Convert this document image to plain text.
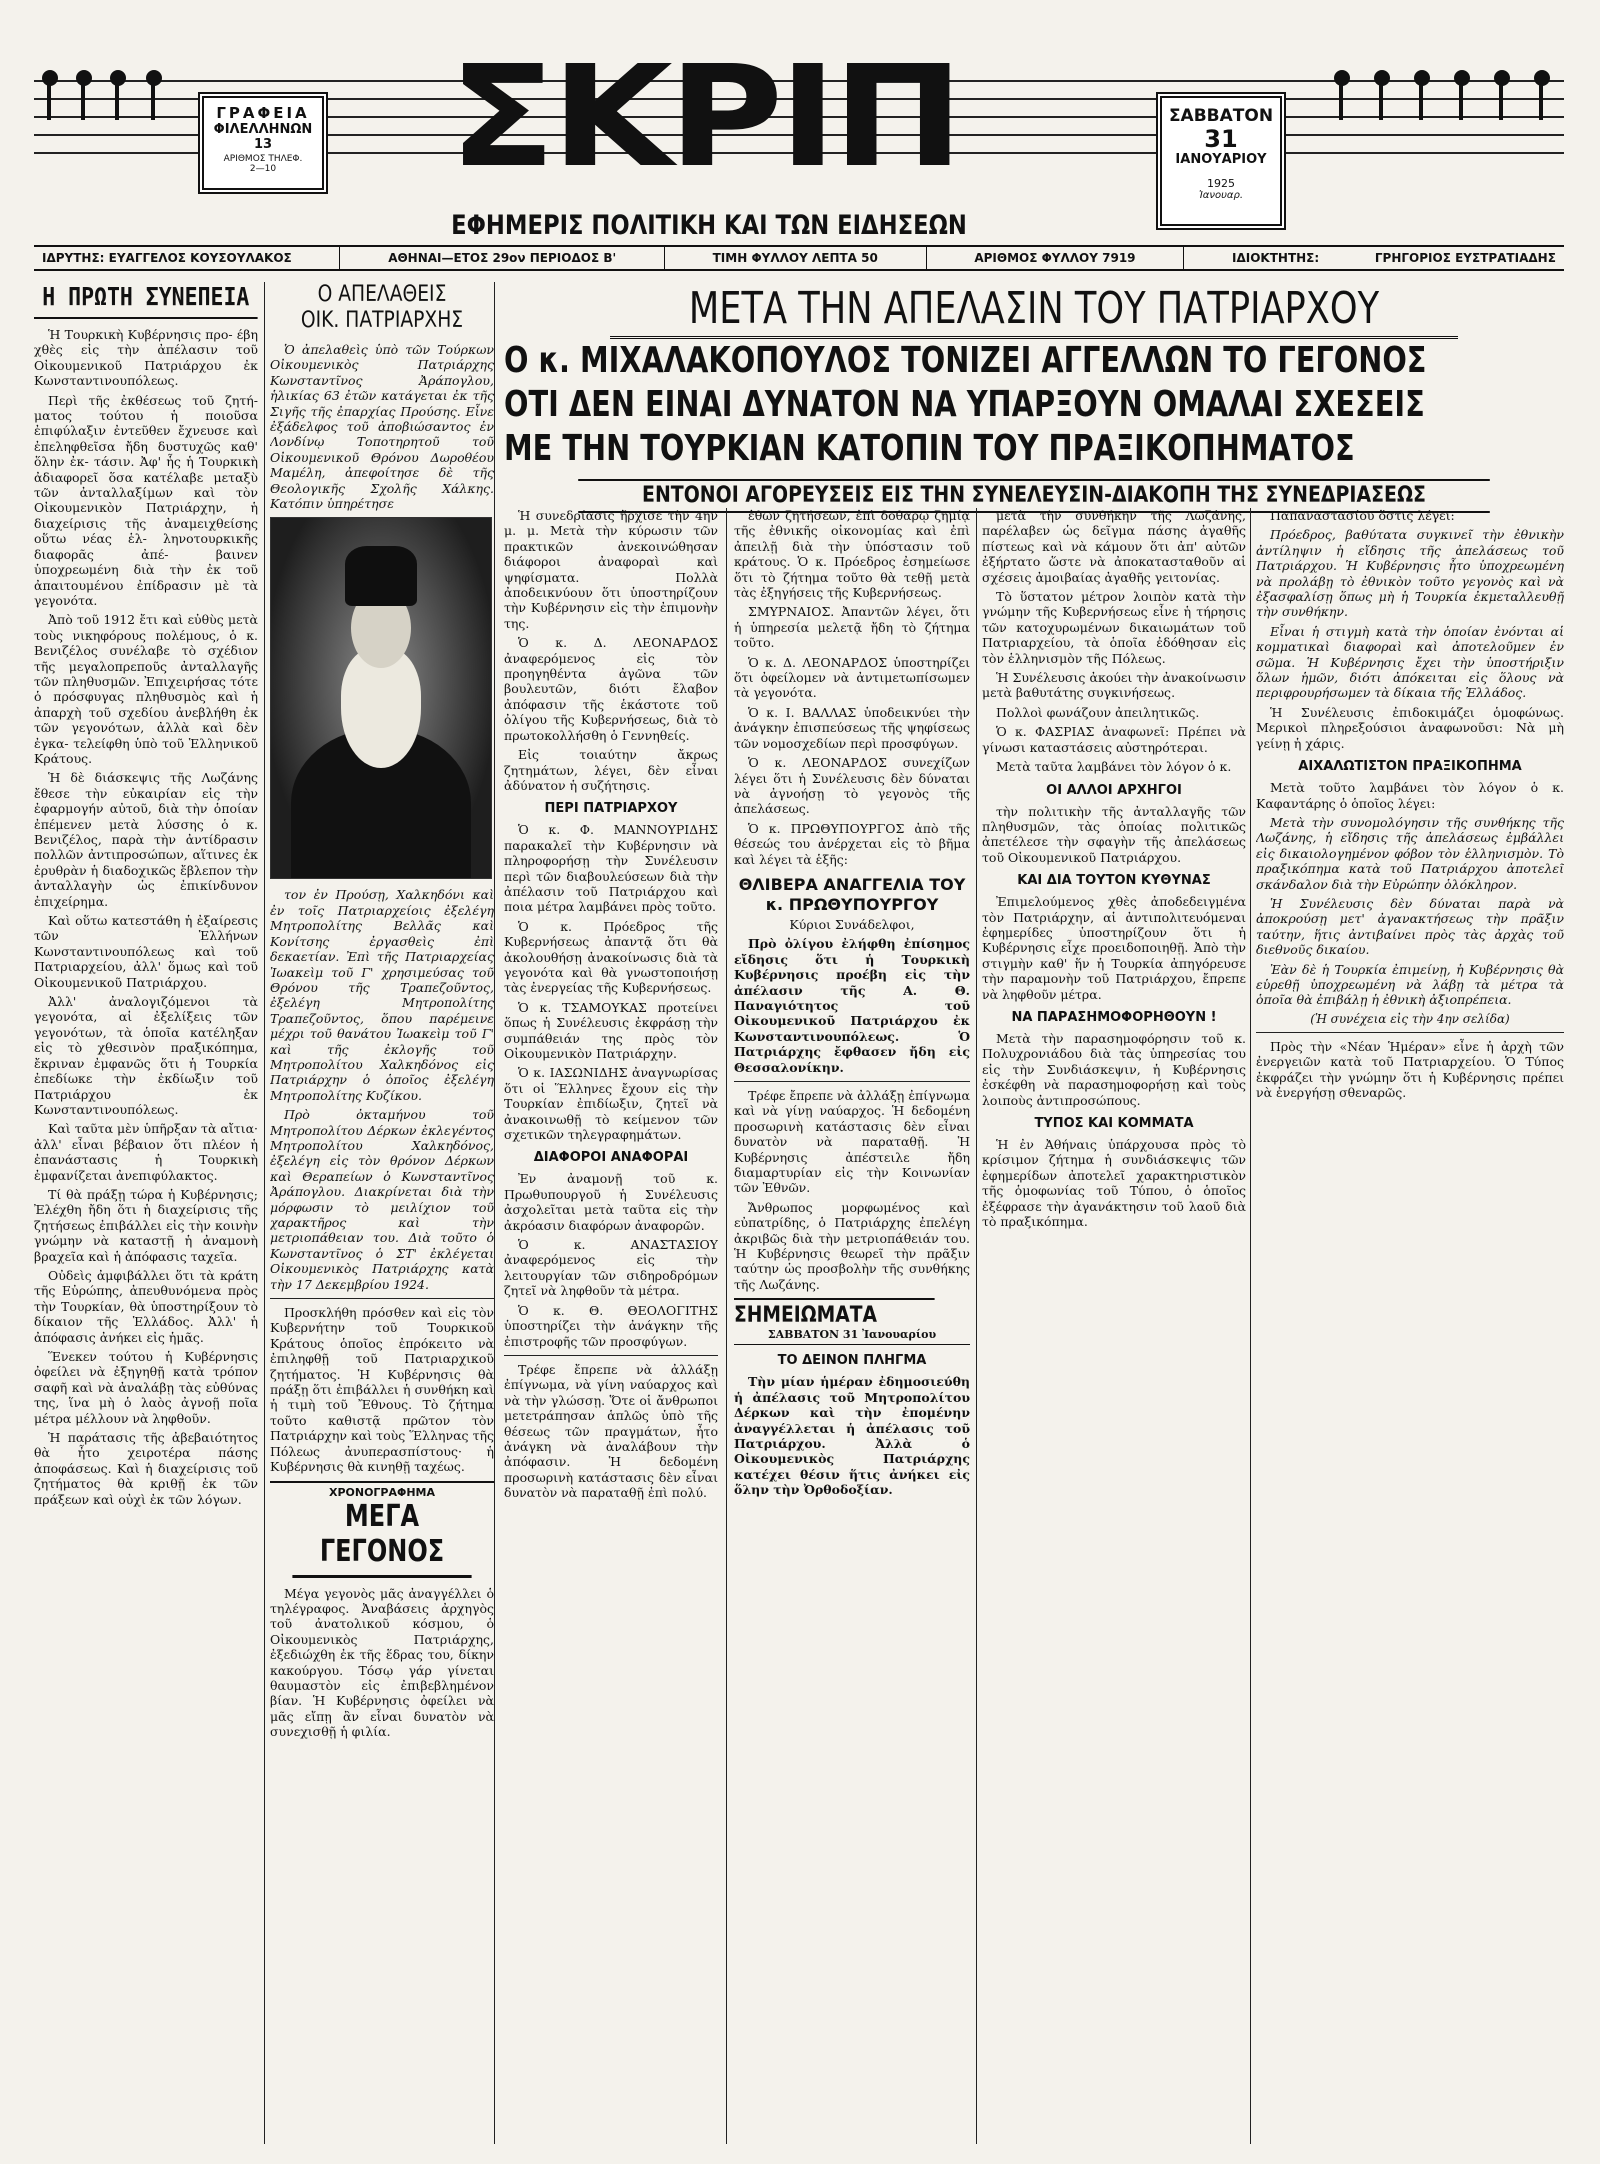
ΓΡΑΦΕΙΑ
ΦΙΛΕΛΛΗΝΩΝ 13
ΑΡΙΘΜΟΣ ΤΗΛΕΦ.
2—10	ΣΚΡΙΠ	ΣΑΒΒΑΤΟΝ
31
ΙΑΝΟΥΑΡΙΟΥ
1925
Ἰανουαρ.
ΕΦΗΜΕΡΙΣ ΠΟΛΙΤΙΚΗ ΚΑΙ ΤΩΝ ΕΙΔΗΣΕΩΝ
ΙΔΡΥΤΗΣ: ΕΥΑΓΓΕΛΟΣ ΚΟΥΣΟΥΛΑΚΟΣ	ΑΘΗΝΑΙ—ΕΤΟΣ 29ον ΠΕΡΙΟΔΟΣ Β'	ΤΙΜΗ ΦΥΛΛΟΥ ΛΕΠΤΑ 50	ΑΡΙΘΜΟΣ ΦΥΛΛΟΥ 7919	ΙΔΙΟΚΤΗΤΗΣ:	ΓΡΗΓΟΡΙΟΣ ΕΥΣΤΡΑΤΙΑΔΗΣ
Η ΠΡΩΤΗ ΣΥΝΕΠΕΙΑ

Ἡ Τουρκικὴ Κυβέρνησις προ- έβη χθὲς εἰς τὴν ἀπέλασιν τοῦ Οἰκουμενικοῦ Πατριάρχου ἐκ Κωνσταντινουπόλεως.

Περὶ τῆς ἐκθέσεως τοῦ ζητή- ματος τούτου ἡ ποιοῦσα ἐπιφύλαξιν ἐντεῦθεν ἔχνευσε καὶ ἐπεληφθεῖσα ἤδη δυστυχῶς καθ' ὅλην ἐκ- τάσιν. Ἀφ' ἧς ἡ Τουρκικὴ ἀδιαφορεῖ ὅσα κατέλαβε μεταξὺ τῶν ἀνταλλαξίμων καὶ τὸν Οἰκουμενικὸν Πατριάρχην, ἡ διαχείρισις τῆς ἀναμειχθείσης οὕτω νέας ἑλ- ληνοτουρκικῆς διαφορᾶς ἀπέ- βαινεν ὑποχρεωμένη διὰ τὴν ἐκ τοῦ ἀπαιτουμένου ἐπίδρασιν μὲ τὰ γεγονότα.

Ἀπὸ τοῦ 1912 ἔτι καὶ εὐθὺς μετὰ τοὺς νικηφόρους πολέμους, ὁ κ. Βενιζέλος συνέλαβε τὸ σχέδιον τῆς μεγαλοπρεποῦς ἀνταλλαγῆς τῶν πληθυσμῶν. Ἐπιχειρήσας τότε ὁ πρόσφυγας πληθυσμὸς καὶ ἡ ἀπαρχὴ τοῦ σχεδίου ἀνεβλήθη ἐκ τῶν γεγονότων, ἀλλὰ καὶ δὲν ἐγκα- τελείφθη ὑπὸ τοῦ Ἑλληνικοῦ Κράτους.

Ἡ δὲ διάσκεψις τῆς Λωζάνης ἔθεσε τὴν εὐκαιρίαν εἰς τὴν ἐφαρμογήν αὐτοῦ, διὰ τὴν ὁποίαν ἐπέμενεν μετὰ λύσσης ὁ κ. Βενιζέλος, παρὰ τὴν ἀντίδρασιν πολλῶν ἀντιπροσώπων, αἵτινες ἐκ ἐρυθρὰν ἡ διαδοχικῶς ἔβλεπον τὴν ἀνταλλαγὴν ὡς ἐπικίνδυνον ἐπιχείρημα.

Καὶ οὕτω κατεστάθη ἡ ἐξαίρεσις τῶν Ἑλλήνων Κωνσταντινουπόλεως καὶ τοῦ Πατριαρχείου, ἀλλ' ὅμως καὶ τοῦ Οἰκουμενικοῦ Πατριάρχου.

Ἀλλ' ἀναλογιζόμενοι τὰ γεγονότα, αἱ ἐξελίξεις τῶν γεγονότων, τὰ ὁποῖα κατέληξαν εἰς τὸ χθεσινὸν πραξικόπημα, ἔκριναν ἐμφανῶς ὅτι ἡ Τουρκία ἐπεδίωκε τὴν ἐκδίωξιν τοῦ Πατριάρχου ἐκ Κωνσταντινουπόλεως.

Καὶ ταῦτα μὲν ὑπῆρξαν τὰ αἴτια· ἀλλ' εἶναι βέβαιον ὅτι πλέον ἡ ἐπανάστασις ἡ Τουρκικὴ ἐμφανίζεται ἀνεπιφύλακτος.

Τί θὰ πράξῃ τώρα ἡ Κυβέρνησις; Ἐλέχθη ἤδη ὅτι ἡ διαχείρισις τῆς ζητήσεως ἐπιβάλλει εἰς τὴν κοινὴν γνώμην νὰ καταστῇ ἡ ἀναμονὴ βραχεῖα καὶ ἡ ἀπόφασις ταχεῖα.

Οὐδεὶς ἀμφιβάλλει ὅτι τὰ κράτη τῆς Εὐρώπης, ἀπευθυνόμενα πρὸς τὴν Τουρκίαν, θὰ ὑποστηρίξουν τὸ δίκαιον τῆς Ἑλλάδος. Ἀλλ' ἡ ἀπόφασις ἀνήκει εἰς ἡμᾶς.

Ἕνεκεν τούτου ἡ Κυβέρνησις ὀφείλει νὰ ἐξηγηθῇ κατὰ τρόπον σαφῆ καὶ νὰ ἀναλάβῃ τὰς εὐθύνας της, ἵνα μὴ ὁ λαὸς ἀγνοῇ ποῖα μέτρα μέλλουν νὰ ληφθοῦν.

Ἡ παράτασις τῆς ἀβεβαιότητος θὰ ἦτο χειροτέρα πάσης ἀποφάσεως. Καὶ ἡ διαχείρισις τοῦ ζητήματος θὰ κριθῇ ἐκ τῶν πράξεων καὶ οὐχὶ ἐκ τῶν λόγων.

Ο ΑΠΕΛΑΘΕΙΣ
ΟΙΚ. ΠΑΤΡΙΑΡΧΗΣ

Ὁ ἀπελαθεὶς ὑπὸ τῶν Τούρκων Οἰκουμενικὸς Πατριάρχης Κωνσταντῖνος Ἀράπογλου, ἡλικίας 63 ἐτῶν κατάγεται ἐκ τῆς Σιγῆς τῆς ἐπαρχίας Προύσης. Εἶνε ἐξάδελφος τοῦ ἀποβιώσαντος ἐν Λονδίνῳ Τοποτηρητοῦ τοῦ Οἰκουμενικοῦ Θρόνου Δωροθέου Μαμέλη, ἀπεφοίτησε δὲ τῆς Θεολογικῆς Σχολῆς Χάλκης. Κατόπιν ὑπηρέτησε

τον ἐν Προύσῃ, Χαλκηδόνι καὶ ἐν τοῖς Πατριαρχείοις ἐξελέγη Μητροπολίτης Βελλᾶς καὶ Κονίτσης ἐργασθεὶς ἐπὶ δεκαετίαν. Ἐπὶ τῆς Πατριαρχείας Ἰωακεὶμ τοῦ Γ' χρησιμεύσας τοῦ Θρόνου τῆς Τραπεζοῦντος, ἐξελέγη Μητροπολίτης Τραπεζοῦντος, ὅπου παρέμεινε μέχρι τοῦ θανάτου Ἰωακεὶμ τοῦ Γ' καὶ τῆς ἐκλογῆς τοῦ Μητροπολίτου Χαλκηδόνος εἰς Πατριάρχην ὁ ὁποῖος ἐξελέγη Μητροπολίτης Κυζίκου.

Πρὸ ὀκταμήνου τοῦ Μητροπολίτου Δέρκων ἐκλεγέντος Μητροπολίτου Χαλκηδόνος, ἐξελέγη εἰς τὸν θρόνον Δέρκων καὶ Θεραπείων ὁ Κωνσταντῖνος Ἀράπογλου. Διακρίνεται διὰ τὴν μόρφωσιν τὸ μειλίχιον τοῦ χαρακτῆρος καὶ τὴν μετριοπάθειαν του. Διὰ τοῦτο ὁ Κωνσταντῖνος ὁ ΣΤ' ἐκλέγεται Οἰκουμενικὸς Πατριάρχης κατὰ τὴν 17 Δεκεμβρίου 1924.

Προσκλήθη πρόσθεν καὶ εἰς τὸν Κυβερνήτην τοῦ Τουρκικοῦ Κράτους ὁποῖος ἐπρόκειτο νὰ ἐπιληφθῇ τοῦ Πατριαρχικοῦ ζητήματος. Ἡ Κυβέρνησις θὰ πράξῃ ὅτι ἐπιβάλλει ἡ συνθήκη καὶ ἡ τιμὴ τοῦ Ἔθνους. Τὸ ζήτημα τοῦτο καθιστᾷ πρῶτον τὸν Πατριάρχην καὶ τοὺς Ἕλληνας τῆς Πόλεως ἀνυπερασπίστους· ἡ Κυβέρνησις θὰ κινηθῇ ταχέως.

ΧΡΟΝΟΓΡΑΦΗΜΑ
ΜΕΓΑ ΓΕΓΟΝΟΣ

Μέγα γεγονὸς μᾶς ἀναγγέλλει ὁ τηλέγραφος. Ἀναβάσεις ἀρχηγὸς τοῦ ἀνατολικοῦ κόσμου, ὁ Οἰκουμενικὸς Πατριάρχης, ἐξεδιώχθη ἐκ τῆς ἕδρας του, δίκην κακούργου. Τόσῳ γάρ γίνεται θαυμαστὸν εἰς ἐπιβεβλημένον βίαν. Ἡ Κυβέρνησις ὀφείλει νὰ μᾶς εἴπῃ ἂν εἶναι δυνατὸν νὰ συνεχισθῇ ἡ φιλία.

ΜΕΤΑ ΤΗΝ ΑΠΕΛΑΣΙΝ ΤΟΥ ΠΑΤΡΙΑΡΧΟΥ
Ο κ. ΜΙΧΑΛΑΚΟΠΟΥΛΟΣ ΤΟΝΙΖΕΙ ΑΓΓΕΛΛΩΝ ΤΟ ΓΕΓΟΝΟΣ
ΟΤΙ ΔΕΝ ΕΙΝΑΙ ΔΥΝΑΤΟΝ ΝΑ ΥΠΑΡΞΟΥΝ ΟΜΑΛΑΙ ΣΧΕΣΕΙΣ
ΜΕ ΤΗΝ ΤΟΥΡΚΙΑΝ ΚΑΤΟΠΙΝ ΤΟΥ ΠΡΑΞΙΚΟΠΗΜΑΤΟΣ
ΕΝΤΟΝΟΙ ΑΓΟΡΕΥΣΕΙΣ ΕΙΣ ΤΗΝ ΣΥΝΕΛΕΥΣΙΝ-ΔΙΑΚΟΠΗ ΤΗΣ ΣΥΝΕΔΡΙΑΣΕΩΣ

Ἡ συνεδρίασις ἤρχισε τὴν 4ην μ. μ. Μετὰ τὴν κύρωσιν τῶν πρακτικῶν ἀνεκοινώθησαν διάφοροι ἀναφοραὶ καὶ ψηφίσματα. Πολλὰ ἀποδεικνύουν ὅτι ὑποστηρίζουν τὴν Κυβέρνησιν εἰς τὴν ἐπιμονὴν της.

Ὁ κ. Δ. ΛΕΟΝΑΡΔΟΣ ἀναφερόμενος εἰς τὸν προηγηθέντα ἀγῶνα τῶν βουλευτῶν, διότι ἔλαβον ἀπόφασιν τῆς ἑκάστοτε τοῦ ὀλίγου τῆς Κυβερνήσεως, διὰ τὸ πρωτοκολλήσθη ὁ Γεννηθείς.

Εἰς τοιαύτην ἄκρως ζητημάτων, λέγει, δὲν εἶναι ἀδύνατον ἡ συζήτησις.

ΠΕΡΙ ΠΑΤΡΙΑΡΧΟΥ

Ὁ κ. Φ. ΜΑΝΝΟΥΡΙΔΗΣ παρακαλεῖ τὴν Κυβέρνησιν νὰ πληροφορήσῃ τὴν Συνέλευσιν περὶ τῶν διαβουλεύσεων διὰ τὴν ἀπέλασιν τοῦ Πατριάρχου καὶ ποια μέτρα λαμβάνει πρὸς τοῦτο.

Ὁ κ. Πρόεδρος τῆς Κυβερνήσεως ἀπαντᾷ ὅτι θὰ ἀκολουθήσῃ ἀνακοίνωσις διὰ τὰ γεγονότα καὶ θὰ γνωστοποιήσῃ τὰς ἐνεργείας τῆς Κυβερνήσεως.

Ὁ κ. ΤΣΑΜΟΥΚΑΣ προτείνει ὅπως ἡ Συνέλευσις ἐκφράσῃ τὴν συμπάθειάν της πρὸς τὸν Οἰκουμενικὸν Πατριάρχην.

Ὁ κ. ΙΑΣΩΝΙΔΗΣ ἀναγνωρίσας ὅτι οἱ Ἕλληνες ἔχουν εἰς τὴν Τουρκίαν ἐπιδίωξιν, ζητεῖ νὰ ἀνακοινωθῇ τὸ κείμενον τῶν σχετικῶν τηλεγραφημάτων.

ΔΙΑΦΟΡΟΙ ΑΝΑΦΟΡΑΙ

Ἐν ἀναμονῇ τοῦ κ. Πρωθυπουργοῦ ἡ Συνέλευσις ἀσχολεῖται μετὰ ταῦτα εἰς τὴν ἀκρόασιν διαφόρων ἀναφορῶν.

Ὁ κ. ΑΝΑΣΤΑΣΙΟΥ ἀναφερόμενος εἰς τὴν λειτουργίαν τῶν σιδηροδρόμων ζητεῖ νὰ ληφθοῦν τὰ μέτρα.

Ὁ κ. Θ. ΘΕΟΛΟΓΙΤΗΣ ὑποστηρίζει τὴν ἀνάγκην τῆς ἐπιστροφῆς τῶν προσφύγων.

Τρέφε ἔπρεπε νὰ ἀλλάξῃ ἐπίγνωμα, νὰ γίνη ναύαρχος καὶ νὰ τὴν γλώσσῃ. Ὅτε οἱ ἄνθρωποι μετετράπησαν ἁπλῶς ὑπὸ τῆς θέσεως τῶν πραγμάτων, ἦτο ἀνάγκη νὰ ἀναλάβουν τὴν ἀπόφασιν. Ἡ δεδομένη προσωρινὴ κατάστασις δὲν εἶναι δυνατὸν νὰ παραταθῇ ἐπὶ πολύ.

ἐθῶν ζητήσεων, ἐπὶ δοθαρῷ ζημίᾳ τῆς ἐθνικῆς οἰκονομίας καὶ ἐπὶ ἀπειλῇ διὰ τὴν ὑπόστασιν τοῦ κράτους. Ὁ κ. Πρόεδρος ἐσημείωσε ὅτι τὸ ζήτημα τοῦτο θὰ τεθῇ μετὰ τὰς ἐξηγήσεις τῆς Κυβερνήσεως.

ΣΜΥΡΝΑΙΟΣ. Ἀπαντῶν λέγει, ὅτι ἡ ὑπηρεσία μελετᾷ ἤδη τὸ ζήτημα τοῦτο.

Ὁ κ. Δ. ΛΕΟΝΑΡΔΟΣ ὑποστηρίζει ὅτι ὀφείλομεν νὰ ἀντιμετωπίσωμεν τὰ γεγονότα.

Ὁ κ. Ι. ΒΑΛΛΑΣ ὑποδεικνύει τὴν ἀνάγκην ἐπισπεύσεως τῆς ψηφίσεως τῶν νομοσχεδίων περὶ προσφύγων.

Ὁ κ. ΛΕΟΝΑΡΔΟΣ συνεχίζων λέγει ὅτι ἡ Συνέλευσις δὲν δύναται νὰ ἀγνοήσῃ τὸ γεγονὸς τῆς ἀπελάσεως.

Ὁ κ. ΠΡΩΘΥΠΟΥΡΓΟΣ ἀπὸ τῆς θέσεώς του ἀνέρχεται εἰς τὸ βῆμα καὶ λέγει τὰ ἑξῆς:

ΘΛΙΒΕΡΑ ΑΝΑΓΓΕΛΙΑ ΤΟΥ κ. ΠΡΩΘΥΠΟΥΡΓΟΥ

Κύριοι Συνάδελφοι,

Πρὸ ὀλίγου ἐλήφθη ἐπίσημος εἴδησις ὅτι ἡ Τουρκικὴ Κυβέρνησις προέβη εἰς τὴν ἀπέλασιν τῆς Α. Θ. Παναγιότητος τοῦ Οἰκουμενικοῦ Πατριάρχου ἐκ Κωνσταντινουπόλεως. Ὁ Πατριάρχης ἔφθασεν ἤδη εἰς Θεσσαλονίκην.

Τρέφε ἔπρεπε νὰ ἀλλάξῃ ἐπίγνωμα καὶ νὰ γίνῃ ναύαρχος. Ἡ δεδομένη προσωρινὴ κατάστασις δὲν εἶναι δυνατὸν νὰ παραταθῇ. Ἡ Κυβέρνησις ἀπέστειλε ἤδη διαμαρτυρίαν εἰς τὴν Κοινωνίαν τῶν Ἐθνῶν.

Ἄνθρωπος μορφωμένος καὶ εὐπατρίδης, ὁ Πατριάρχης ἐπελέγη ἀκριβῶς διὰ τὴν μετριοπάθειάν του. Ἡ Κυβέρνησις θεωρεῖ τὴν πρᾶξιν ταύτην ὡς προσβολὴν τῆς συνθήκης τῆς Λωζάνης.

ΣΗΜΕΙΩΜΑΤΑ
ΣΑΒΒΑΤΟΝ 31 Ἰανουαρίου
ΤΟ ΔΕΙΝΟΝ ΠΛΗΓΜΑ

Τὴν μίαν ἡμέραν ἐδημοσιεύθη ἡ ἀπέλασις τοῦ Μητροπολίτου Δέρκων καὶ τὴν ἐπομένην ἀναγγέλλεται ἡ ἀπέλασις τοῦ Πατριάρχου. Ἀλλὰ ὁ Οἰκουμενικὸς Πατριάρχης κατέχει θέσιν ἥτις ἀνήκει εἰς ὅλην τὴν Ὀρθοδοξίαν.

μετὰ τὴν συνθήκην τῆς Λωζάνης, παρέλαβεν ὡς δεῖγμα πάσης ἀγαθῆς πίστεως καὶ νὰ κάμουν ὅτι ἀπ' αὐτῶν ἐξήρτατο ὥστε νὰ ἀποκατασταθοῦν αἱ σχέσεις ἀμοιβαίας ἀγαθῆς γειτονίας.

Τὸ ὕστατον μέτρον λοιπὸν κατὰ τὴν γνώμην τῆς Κυβερνήσεως εἶνε ἡ τήρησις τῶν κατοχυρωμένων δικαιωμάτων τοῦ Πατριαρχείου, τὰ ὁποῖα ἐδόθησαν εἰς τὸν ἑλληνισμὸν τῆς Πόλεως.

Ἡ Συνέλευσις ἀκούει τὴν ἀνακοίνωσιν μετὰ βαθυτάτης συγκινήσεως.

Πολλοὶ φωνάζουν ἀπειλητικῶς.

Ὁ κ. ΦΑΣΡΙΑΣ ἀναφωνεῖ: Πρέπει νὰ γίνωσι καταστάσεις αὐστηρότεραι.

Μετὰ ταῦτα λαμβάνει τὸν λόγον ὁ κ.

ΟΙ ΑΛΛΟΙ ΑΡΧΗΓΟΙ

τὴν πολιτικὴν τῆς ἀνταλλαγῆς τῶν πληθυσμῶν, τὰς ὁποίας πολιτικῶς ἀπετέλεσε τὴν σφαγὴν τῆς ἀπελάσεως τοῦ Οἰκουμενικοῦ Πατριάρχου.

ΚΑΙ ΔΙΑ ΤΟΥΤΟΝ ΚΥΘΥΝΑΣ

Ἐπιμελούμενος χθὲς ἀποδεδειγμένα τὸν Πατριάρχην, αἱ ἀντιπολιτευόμεναι ἐφημερίδες ὑποστηρίζουν ὅτι ἡ Κυβέρνησις εἶχε προειδοποιηθῇ. Ἀπὸ τὴν στιγμὴν καθ' ἥν ἡ Τουρκία ἀπηγόρευσε τὴν παραμονὴν τοῦ Πατριάρχου, ἔπρεπε νὰ ληφθοῦν μέτρα.

ΝΑ ΠΑΡΑΣΗΜΟΦΟΡΗΘΟΥΝ !

Μετὰ τὴν παρασημοφόρησιν τοῦ κ. Πολυχρονιάδου διὰ τὰς ὑπηρεσίας του εἰς τὴν Συνδιάσκεψιν, ἡ Κυβέρνησις ἐσκέφθη νὰ παρασημοφορήσῃ καὶ τοὺς λοιποὺς ἀντιπροσώπους.

ΤΥΠΟΣ ΚΑΙ ΚΟΜΜΑΤΑ

Ἡ ἐν Ἀθήναις ὑπάρχουσα πρὸς τὸ κρίσιμον ζήτημα ἡ συνδιάσκεψις τῶν ἐφημερίδων ἀποτελεῖ χαρακτηριστικὸν τῆς ὁμοφωνίας τοῦ Τύπου, ὁ ὁποῖος ἐξέφρασε τὴν ἀγανάκτησιν τοῦ λαοῦ διὰ τὸ πραξικόπημα.

Παπαναστασίου ὅστις λέγει:

Πρόεδρος, βαθύτατα συγκινεῖ τὴν ἐθνικὴν ἀντίληψιν ἡ εἴδησις τῆς ἀπελάσεως τοῦ Πατριάρχου. Ἡ Κυβέρνησις ἦτο ὑποχρεωμένη νὰ προλάβῃ τὸ ἐθνικὸν τοῦτο γεγονὸς καὶ νὰ ἐξασφαλίσῃ ὅπως μὴ ἡ Τουρκία ἐκμεταλλευθῇ τὴν συνθήκην.

Εἶναι ἡ στιγμὴ κατὰ τὴν ὁποίαν ἐνόνται αἱ κομματικαὶ διαφοραὶ καὶ ἀποτελοῦμεν ἐν σῶμα. Ἡ Κυβέρνησις ἔχει τὴν ὑποστήριξιν ὅλων ἡμῶν, διότι ἀπόκειται εἰς ὅλους νὰ περιφρουρήσωμεν τὰ δίκαια τῆς Ἑλλάδος.

Ἡ Συνέλευσις ἐπιδοκιμάζει ὁμοφώνως. Μερικοὶ πληρεξούσιοι ἀναφωνοῦσι: Νὰ μὴ γείνῃ ἡ χάρις.

ΑΙΧΑΛΩΤΙΣΤΟΝ ΠΡΑΞΙΚΟΠΗΜΑ

Μετὰ τοῦτο λαμβάνει τὸν λόγον ὁ κ. Καφαντάρης ὁ ὁποῖος λέγει:

Μετὰ τὴν συνομολόγησιν τῆς συνθήκης τῆς Λωζάνης, ἡ εἴδησις τῆς ἀπελάσεως ἐμβάλλει εἰς δικαιολογημένον φόβον τὸν ἑλληνισμὸν. Τὸ πραξικόπημα κατὰ τοῦ Πατριάρχου ἀποτελεῖ σκάνδαλον διὰ τὴν Εὐρώπην ὁλόκληρον.

Ἡ Συνέλευσις δὲν δύναται παρὰ νὰ ἀποκρούσῃ μετ' ἀγανακτήσεως τὴν πρᾶξιν ταύτην, ἥτις ἀντιβαίνει πρὸς τὰς ἀρχὰς τοῦ διεθνοῦς δικαίου.

Ἐὰν δὲ ἡ Τουρκία ἐπιμείνῃ, ἡ Κυβέρνησις θὰ εὑρεθῇ ὑποχρεωμένη νὰ λάβῃ τὰ μέτρα τὰ ὁποῖα θὰ ἐπιβάλῃ ἡ ἐθνικὴ ἀξιοπρέπεια.

(Ἡ συνέχεια εἰς τὴν 4ην σελίδα)

Πρὸς τὴν «Νέαν Ἡμέραν» εἶνε ἡ ἀρχὴ τῶν ἐνεργειῶν κατὰ τοῦ Πατριαρχείου. Ὁ Τύπος ἐκφράζει τὴν γνώμην ὅτι ἡ Κυβέρνησις πρέπει νὰ ἐνεργήσῃ σθεναρῶς.
